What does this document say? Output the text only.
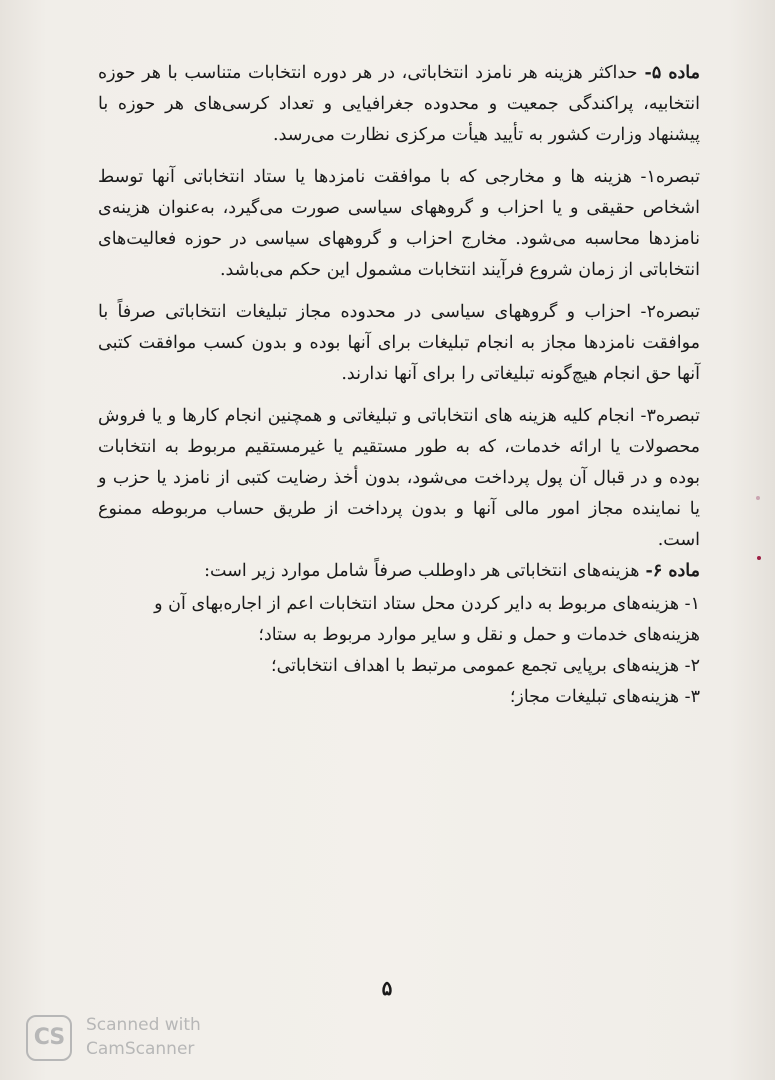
ماده ۵- حداکثر هزینه هر نامزد انتخاباتی، در هر دوره انتخابات متناسب با هر حوزه انتخابیه، پراکندگی جمعیت و محدوده جغرافیایی و تعداد کرسی‌های هر حوزه با پیشنهاد وزارت کشور به تأیید هیأت مرکزی نظارت می‌رسد.

تبصره۱- هزینه ها و مخارجی که با موافقت نامزدها یا ستاد انتخاباتی آنها توسط اشخاص حقیقی و یا احزاب و گروههای سیاسی صورت می‌گیرد، به‌عنوان هزینه‌ی نامزدها محاسبه می‌شود. مخارج احزاب و گروههای سیاسی در حوزه فعالیت‌های انتخاباتی از زمان شروع فرآیند انتخابات مشمول این حکم می‌باشد.

تبصره۲- احزاب و گروههای سیاسی در محدوده مجاز تبلیغات انتخاباتی صرفاً با موافقت نامزدها مجاز به انجام تبلیغات برای آنها بوده و بدون کسب موافقت کتبی آنها حق انجام هیچ‌گونه تبلیغاتی را برای آنها ندارند.

تبصره۳- انجام کلیه هزینه های انتخاباتی و تبلیغاتی و همچنین انجام کارها و یا فروش محصولات یا ارائه خدمات، که به طور مستقیم یا غیرمستقیم مربوط به انتخابات بوده و در قبال آن پول پرداخت می‌شود، بدون أخذ رضایت کتبی از نامزد یا حزب و یا نماینده مجاز امور مالی آنها و بدون پرداخت از طریق حساب مربوطه ممنوع است.

ماده ۶- هزینه‌های انتخاباتی هر داوطلب صرفاً شامل موارد زیر است:

۱- هزینه‌های مربوط به دایر کردن محل ستاد انتخابات اعم از اجاره‌بهای آن و هزینه‌های خدمات و حمل و نقل و سایر موارد مربوط به ستاد؛

۲- هزینه‌های برپایی تجمع عمومی مرتبط با اهداف انتخاباتی؛

۳- هزینه‌های تبلیغات مجاز؛

۵
CS	Scanned with
CamScanner
